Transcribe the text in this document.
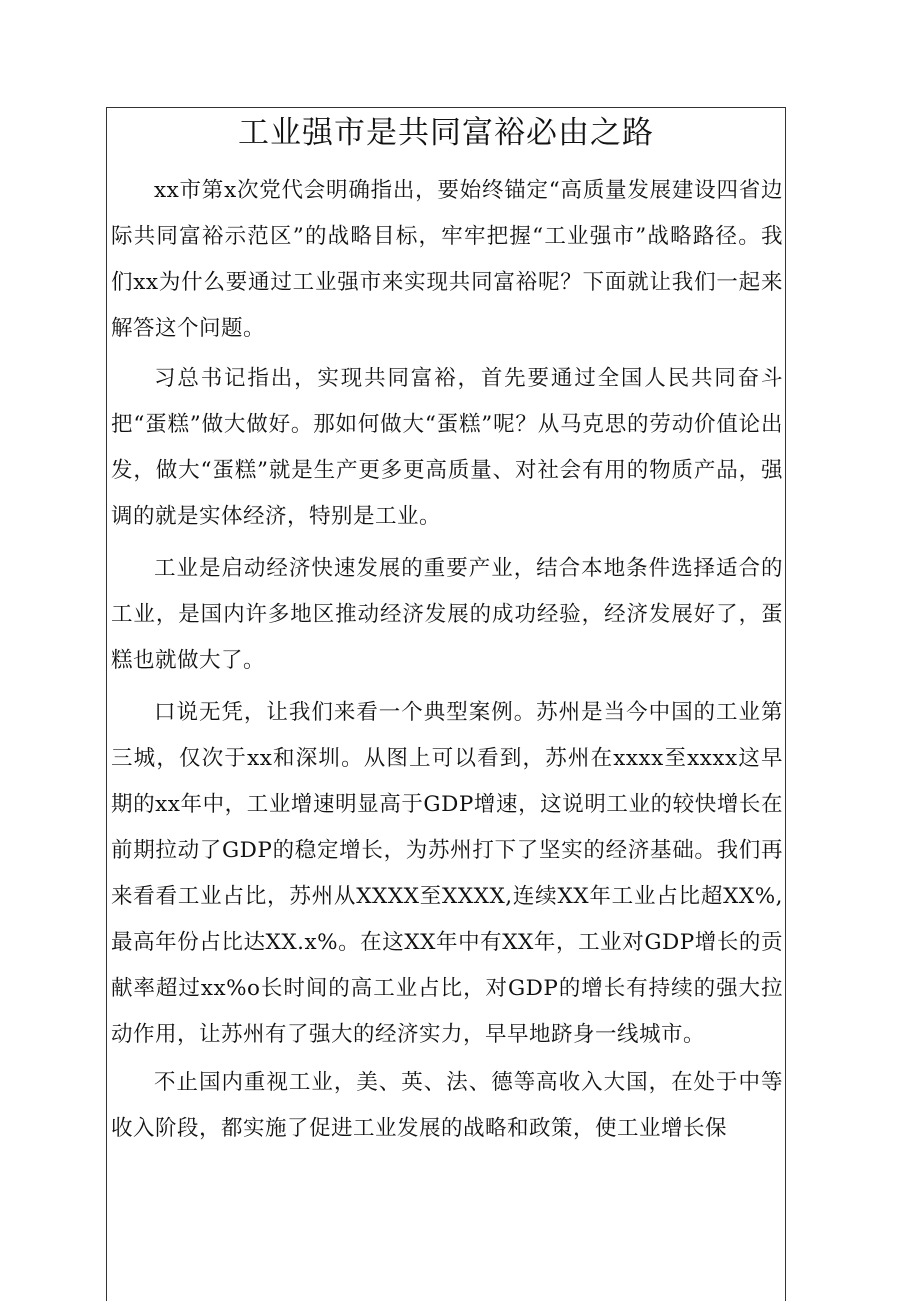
工业强市是共同富裕必由之路

xx市第x次党代会明确指出，要始终锚定“高质量发展建设四省边际共同富裕示范区”的战略目标，牢牢把握“工业强市”战略路径。我们xx为什么要通过工业强市来实现共同富裕呢？下面就让我们一起来解答这个问题。

习总书记指出，实现共同富裕，首先要通过全国人民共同奋斗把“蛋糕”做大做好。那如何做大“蛋糕”呢？从马克思的劳动价值论出发，做大“蛋糕”就是生产更多更高质量、对社会有用的物质产品，强调的就是实体经济，特别是工业。

工业是启动经济快速发展的重要产业，结合本地条件选择适合的工业，是国内许多地区推动经济发展的成功经验，经济发展好了，蛋糕也就做大了。

口说无凭，让我们来看一个典型案例。苏州是当今中国的工业第三城，仅次于xx和深圳。从图上可以看到，苏州在xxxx至xxxx这早期的xx年中，工业增速明显高于GDP增速，这说明工业的较快增长在前期拉动了GDP的稳定增长，为苏州打下了坚实的经济基础。我们再来看看工业占比，苏州从XXXX至XXXX,连续XX年工业占比超XX%,最高年份占比达XX.x%。在这XX年中有XX年，工业对GDP增长的贡献率超过xx%o长时间的高工业占比，对GDP的增长有持续的强大拉动作用，让苏州有了强大的经济实力，早早地跻身一线城市。

不止国内重视工业，美、英、法、德等高收入大国，在处于中等收入阶段，都实施了促进工业发展的战略和政策，使工业增长保
